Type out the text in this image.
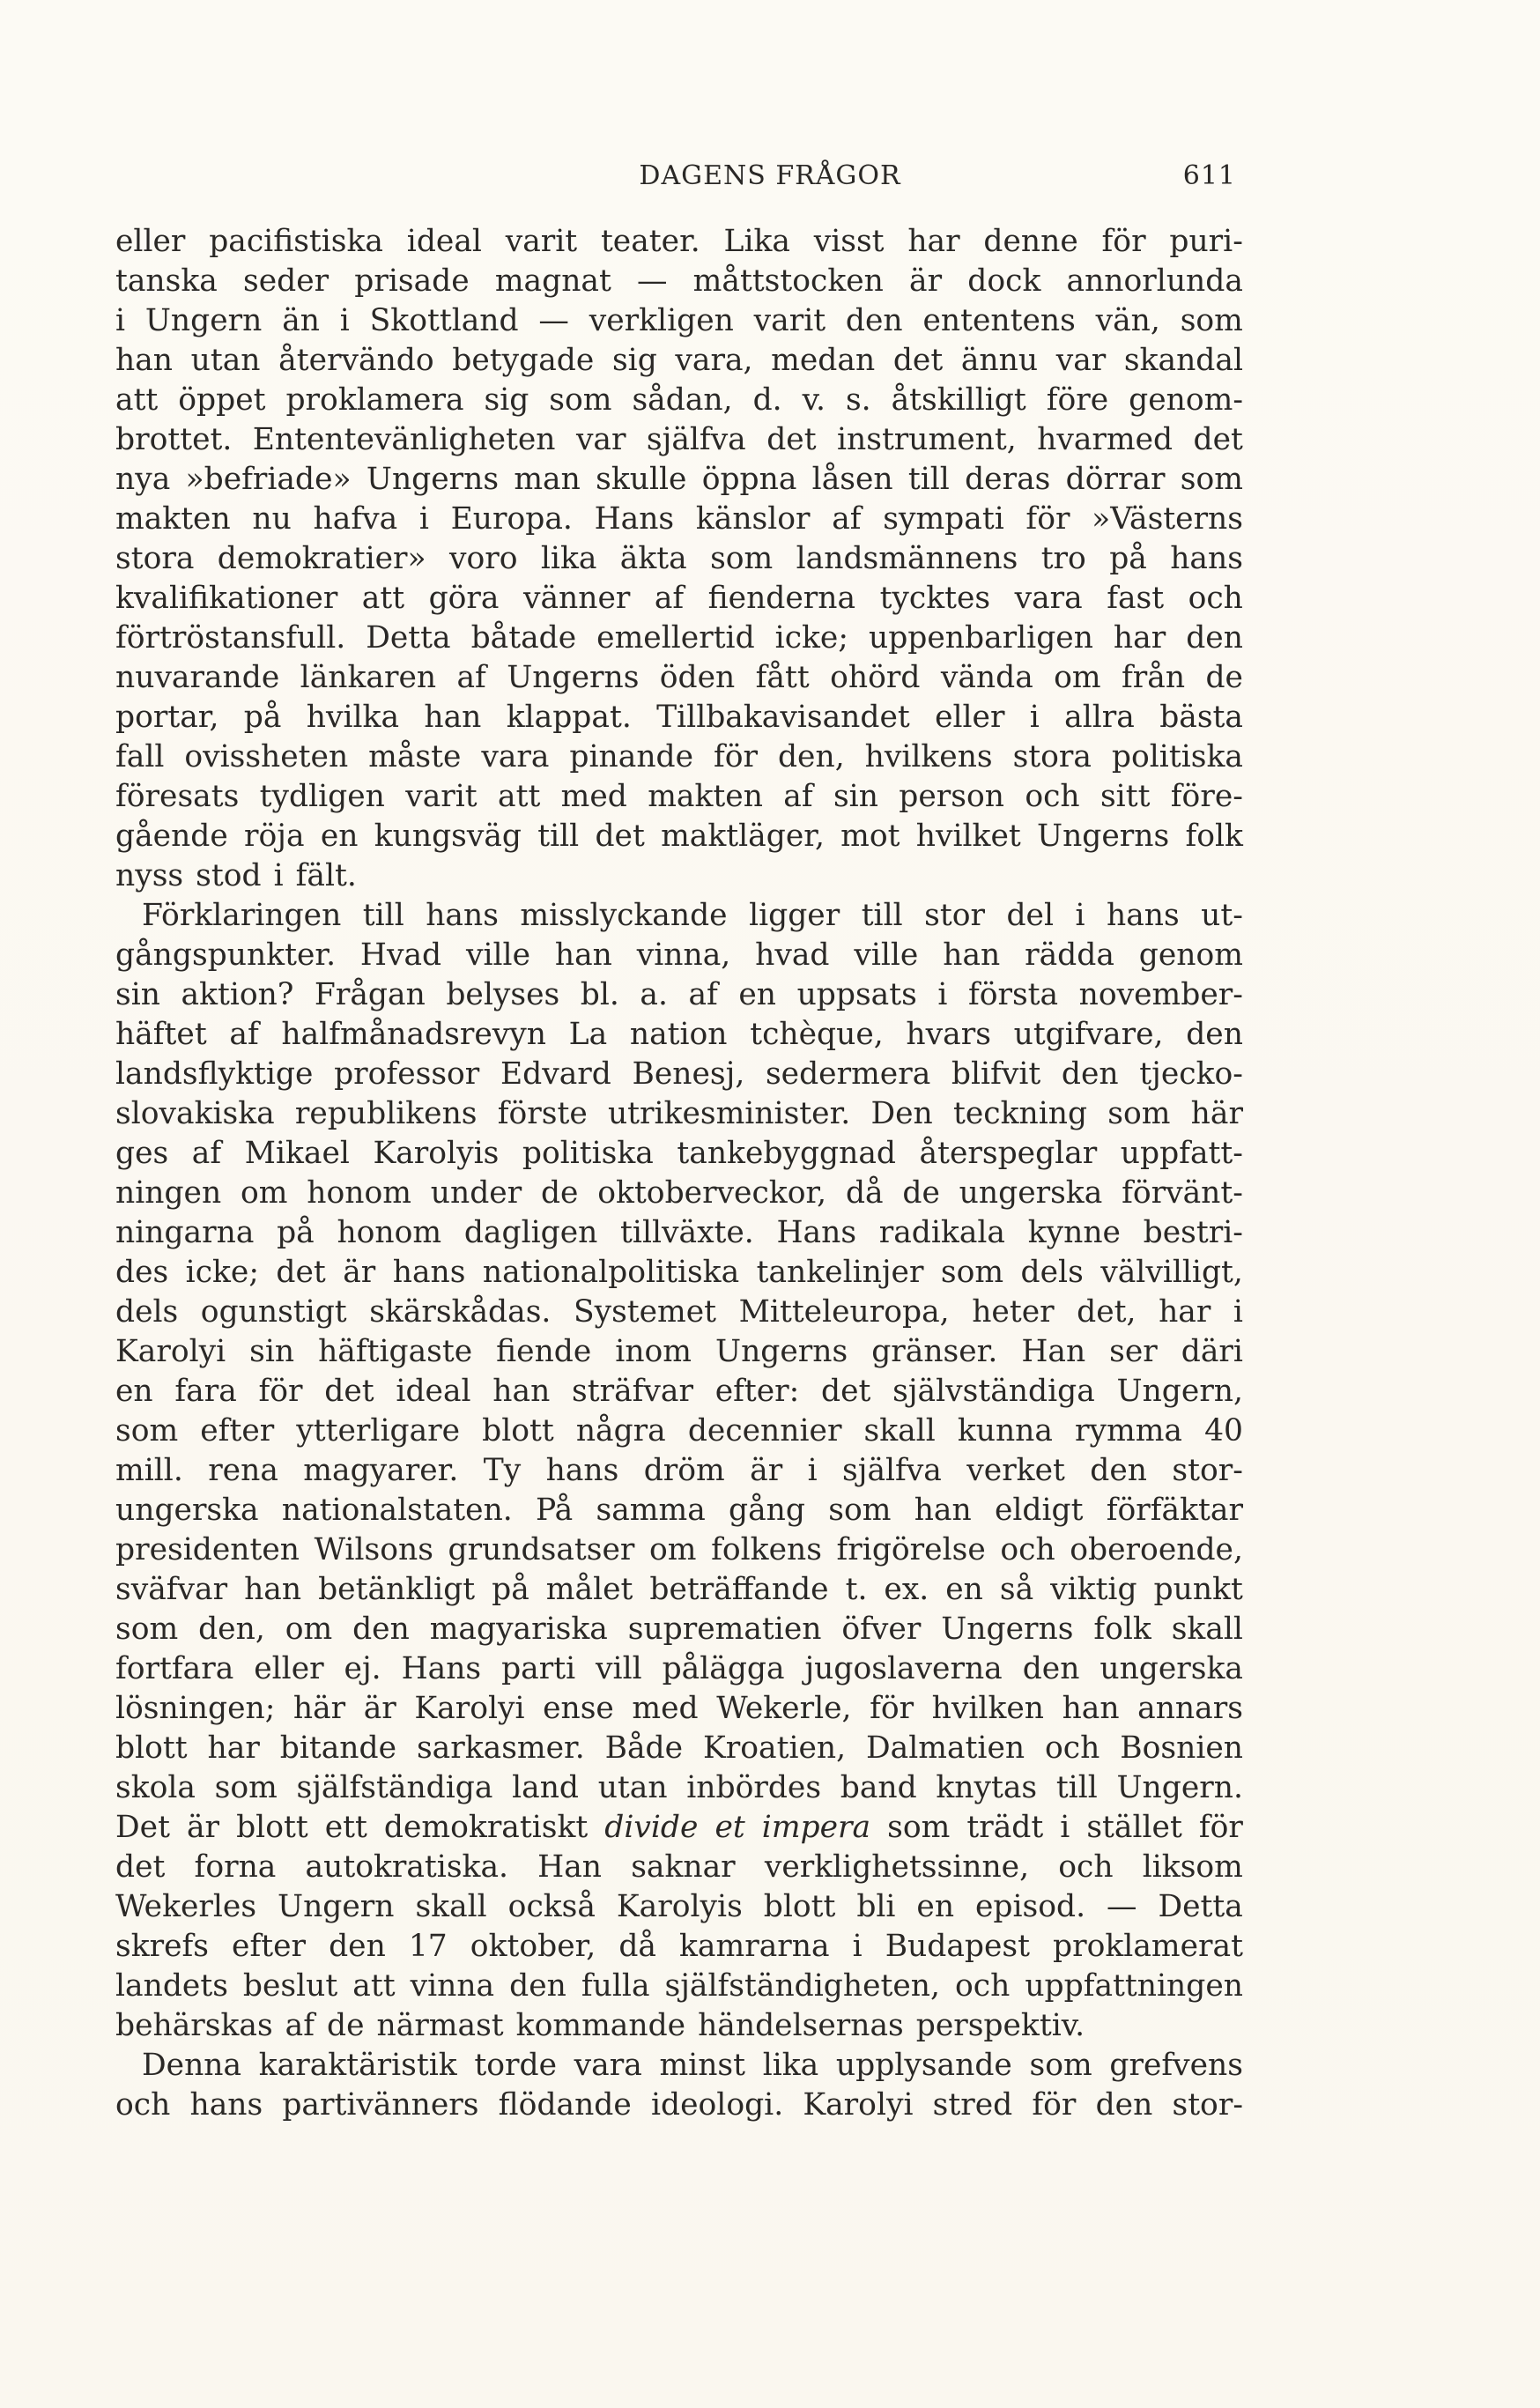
DAGENS FRÅGOR	611
eller pacifistiska ideal varit teater. Lika visst har denne för puri-
tanska seder prisade magnat — måttstocken är dock annorlunda
i Ungern än i Skottland — verkligen varit den ententens vän, som
han utan återvändo betygade sig vara, medan det ännu var skandal
att öppet proklamera sig som sådan, d. v. s. åtskilligt före genom-
brottet. Ententevänligheten var själfva det instrument, hvarmed det
nya »befriade» Ungerns man skulle öppna låsen till deras dörrar som
makten nu hafva i Europa. Hans känslor af sympati för »Västerns
stora demokratier» voro lika äkta som landsmännens tro på hans
kvalifikationer att göra vänner af fienderna tycktes vara fast och
förtröstansfull. Detta båtade emellertid icke; uppenbarligen har den
nuvarande länkaren af Ungerns öden fått ohörd vända om från de
portar, på hvilka han klappat. Tillbakavisandet eller i allra bästa
fall ovissheten måste vara pinande för den, hvilkens stora politiska
föresats tydligen varit att med makten af sin person och sitt före-
gående röja en kungsväg till det maktläger, mot hvilket Ungerns folk
nyss stod i fält.
Förklaringen till hans misslyckande ligger till stor del i hans ut-
gångspunkter. Hvad ville han vinna, hvad ville han rädda genom
sin aktion? Frågan belyses bl. a. af en uppsats i första november-
häftet af halfmånadsrevyn La nation tchèque, hvars utgifvare, den
landsflyktige professor Edvard Benesj, sedermera blifvit den tjecko-
slovakiska republikens förste utrikesminister. Den teckning som här
ges af Mikael Karolyis politiska tankebyggnad återspeglar uppfatt-
ningen om honom under de oktoberveckor, då de ungerska förvänt-
ningarna på honom dagligen tillväxte. Hans radikala kynne bestri-
des icke; det är hans nationalpolitiska tankelinjer som dels välvilligt,
dels ogunstigt skärskådas. Systemet Mitteleuropa, heter det, har i
Karolyi sin häftigaste fiende inom Ungerns gränser. Han ser däri
en fara för det ideal han sträfvar efter: det självständiga Ungern,
som efter ytterligare blott några decennier skall kunna rymma 40
mill. rena magyarer. Ty hans dröm är i själfva verket den stor-
ungerska nationalstaten. På samma gång som han eldigt förfäktar
presidenten Wilsons grundsatser om folkens frigörelse och oberoende,
sväfvar han betänkligt på målet beträffande t. ex. en så viktig punkt
som den, om den magyariska suprematien öfver Ungerns folk skall
fortfara eller ej. Hans parti vill pålägga jugoslaverna den ungerska
lösningen; här är Karolyi ense med Wekerle, för hvilken han annars
blott har bitande sarkasmer. Både Kroatien, Dalmatien och Bosnien
skola som själfständiga land utan inbördes band knytas till Ungern.
Det är blott ett demokratiskt divide et impera som trädt i stället för
det forna autokratiska. Han saknar verklighetssinne, och liksom
Wekerles Ungern skall också Karolyis blott bli en episod. — Detta
skrefs efter den 17 oktober, då kamrarna i Budapest proklamerat
landets beslut att vinna den fulla själfständigheten, och uppfattningen
behärskas af de närmast kommande händelsernas perspektiv.
Denna karaktäristik torde vara minst lika upplysande som grefvens
och hans partivänners flödande ideologi. Karolyi stred för den stor-
